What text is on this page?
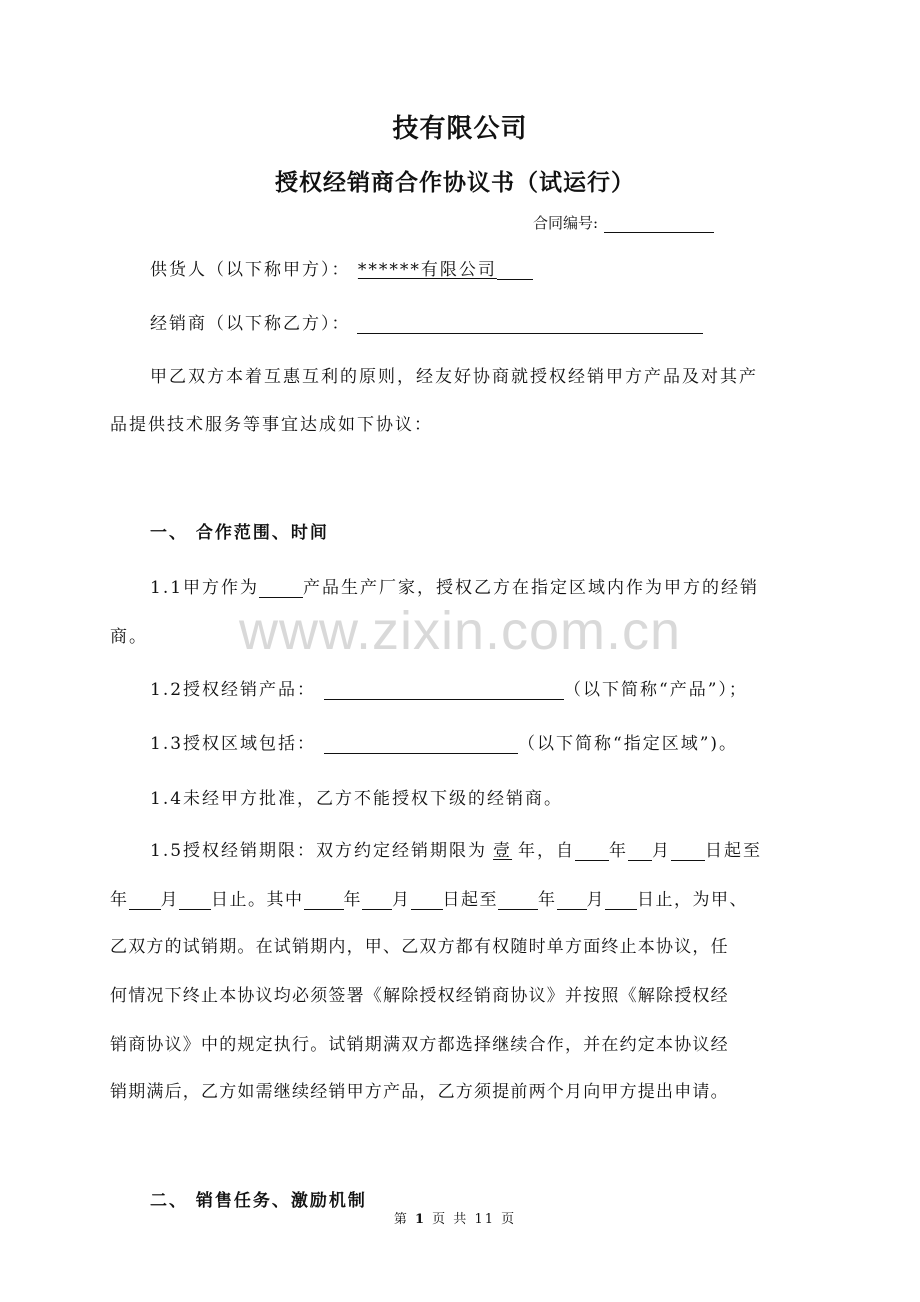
技有限公司
授权经销商合作协议书（试运行）
合同编号:
供货人（以下称甲方）： ******有限公司
经销商（以下称乙方）：
甲乙双方本着互惠互利的原则，经友好协商就授权经销甲方产品及对其产
品提供技术服务等事宜达成如下协议：
一、 合作范围、时间
www.zixin.com.cn
1.1甲方作为	产品生产厂家，授权乙方在指定区域内作为甲方的经销
商。
1.2授权经销产品：	（以下简称“产品”）；
1.3授权区域包括：	（以下简称“指定区域”)。
1.4未经甲方批准，乙方不能授权下级的经销商。
1.5授权经销期限：双方约定经销期限为 壹 年，自 年 月 日起至
年 月 日止。其中 年 月 日起至 年 月 日止，为甲、
乙双方的试销期。在试销期内，甲、乙双方都有权随时单方面终止本协议，任
何情况下终止本协议均必须签署《解除授权经销商协议》并按照《解除授权经
销商协议》中的规定执行。试销期满双方都选择继续合作，并在约定本协议经
销期满后，乙方如需继续经销甲方产品，乙方须提前两个月向甲方提出申请。
二、 销售任务、激励机制
第 1 页 共 11 页
